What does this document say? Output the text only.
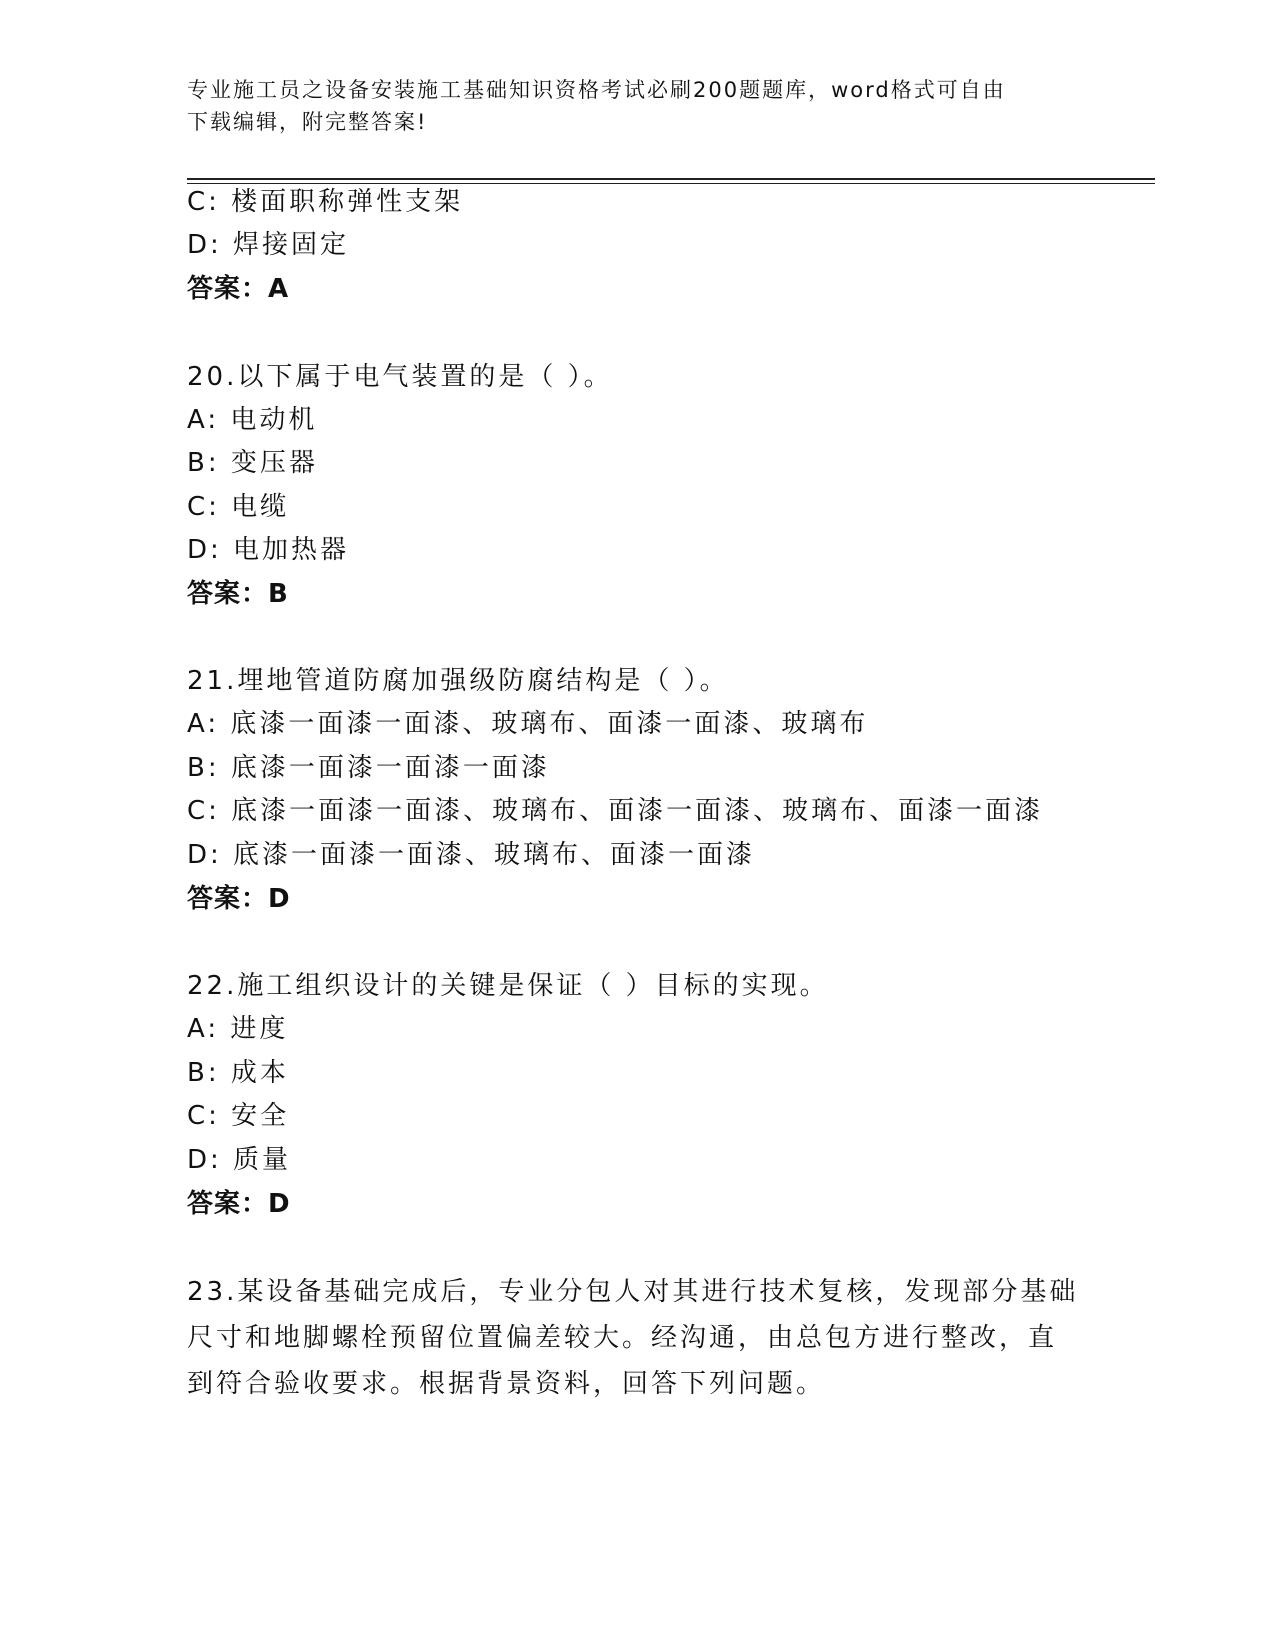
专业施工员之设备安装施工基础知识资格考试必刷200题题库，word格式可自由
下载编辑，附完整答案!
C: 楼面职称弹性支架
D: 焊接固定
答案：A
20.以下属于电气装置的是（ ）。
A: 电动机
B: 变压器
C: 电缆
D: 电加热器
答案：B
21.埋地管道防腐加强级防腐结构是（ ）。
A: 底漆一面漆一面漆、玻璃布、面漆一面漆、玻璃布
B: 底漆一面漆一面漆一面漆
C: 底漆一面漆一面漆、玻璃布、面漆一面漆、玻璃布、面漆一面漆
D: 底漆一面漆一面漆、玻璃布、面漆一面漆
答案：D
22.施工组织设计的关键是保证（ ）目标的实现。
A: 进度
B: 成本
C: 安全
D: 质量
答案：D
23.某设备基础完成后，专业分包人对其进行技术复核，发现部分基础
尺寸和地脚螺栓预留位置偏差较大。经沟通，由总包方进行整改，直
到符合验收要求。根据背景资料，回答下列问题。
